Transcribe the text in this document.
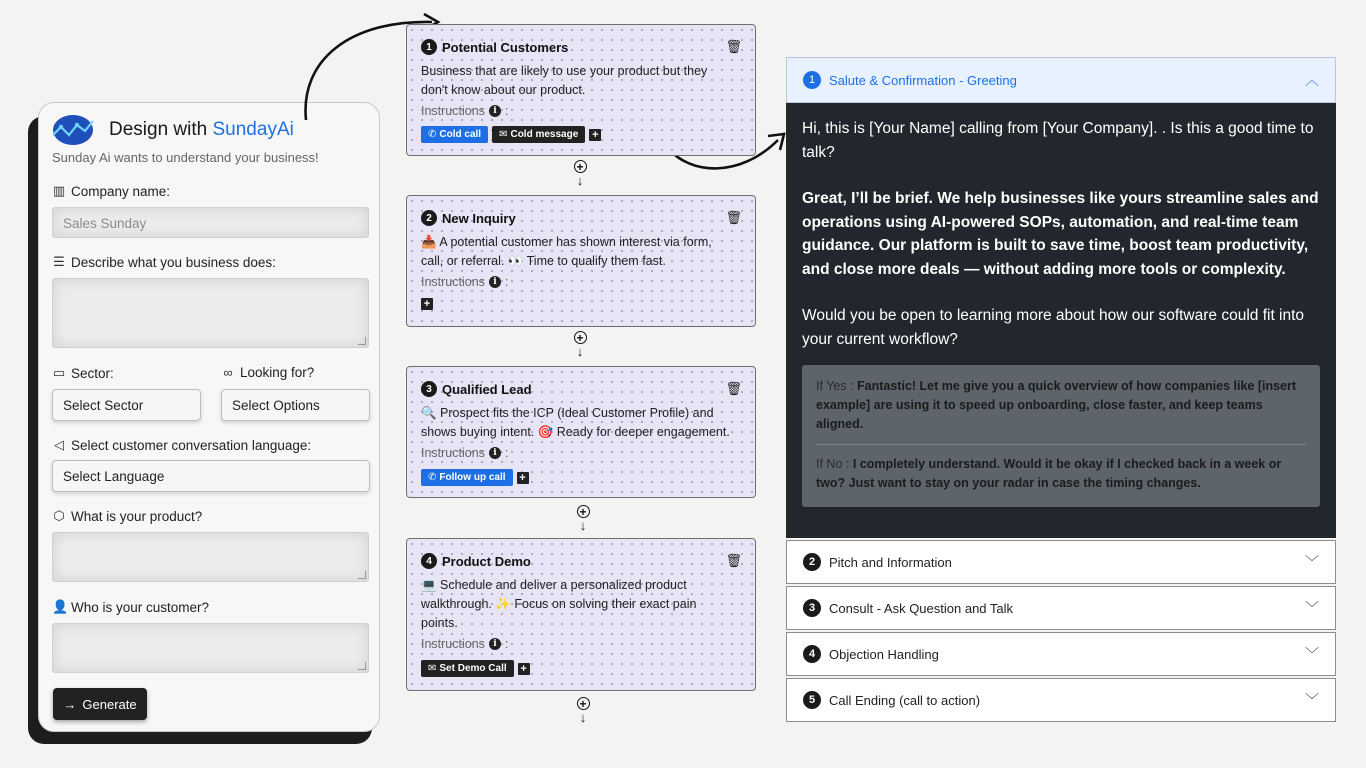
Design with SundayAi
Sunday Ai wants to understand your business!
▥ Company name:
Sales Sunday
☰ Describe what you business does:
▭ Sector:
Select Sector
∞ Looking for?
Select Options
◁ Select customer conversation language:
Select Language
⬡ What is your product?
👤 Who is your customer?
→ Generate
1 Potential Customers	🗑
Business that are likely to use your product but they don't know about our product.
Instructions i :
✆ Cold call ✉ Cold message +
+
↓
2 New Inquiry	🗑
📥 A potential customer has shown interest via form, call, or referral. 👀 Time to qualify them fast.
Instructions i :
+
+
↓
3 Qualified Lead	🗑
🔍 Prospect fits the ICP (Ideal Customer Profile) and shows buying intent. 🎯 Ready for deeper engagement.
Instructions i :
✆ Follow up call +
+
↓
4 Product Demo	🗑
💻 Schedule and deliver a personalized product walkthrough. ✨ Focus on solving their exact pain points.
Instructions i :
✉ Set Demo Call +
+
↓
1	Salute & Confirmation - Greeting	︿

Hi, this is [Your Name] calling from [Your Company]. . Is this a good time to talk?

Great, I’ll be brief. We help businesses like yours streamline sales and operations using AI-powered SOPs, automation, and real-time team guidance. Our platform is built to save time, boost team productivity, and close more deals — without adding more tools or complexity.

Would you be open to learning more about how our software could fit into your current workflow?

If Yes : Fantastic! Let me give you a quick overview of how companies like [insert example] are using it to speed up onboarding, close faster, and keep teams aligned.
If No : I completely understand. Would it be okay if I checked back in a week or two? Just want to stay on your radar in case the timing changes.
2	Pitch and Information	﹀
3	Consult - Ask Question and Talk	﹀
4	Objection Handling	﹀
5	Call Ending (call to action)	﹀
